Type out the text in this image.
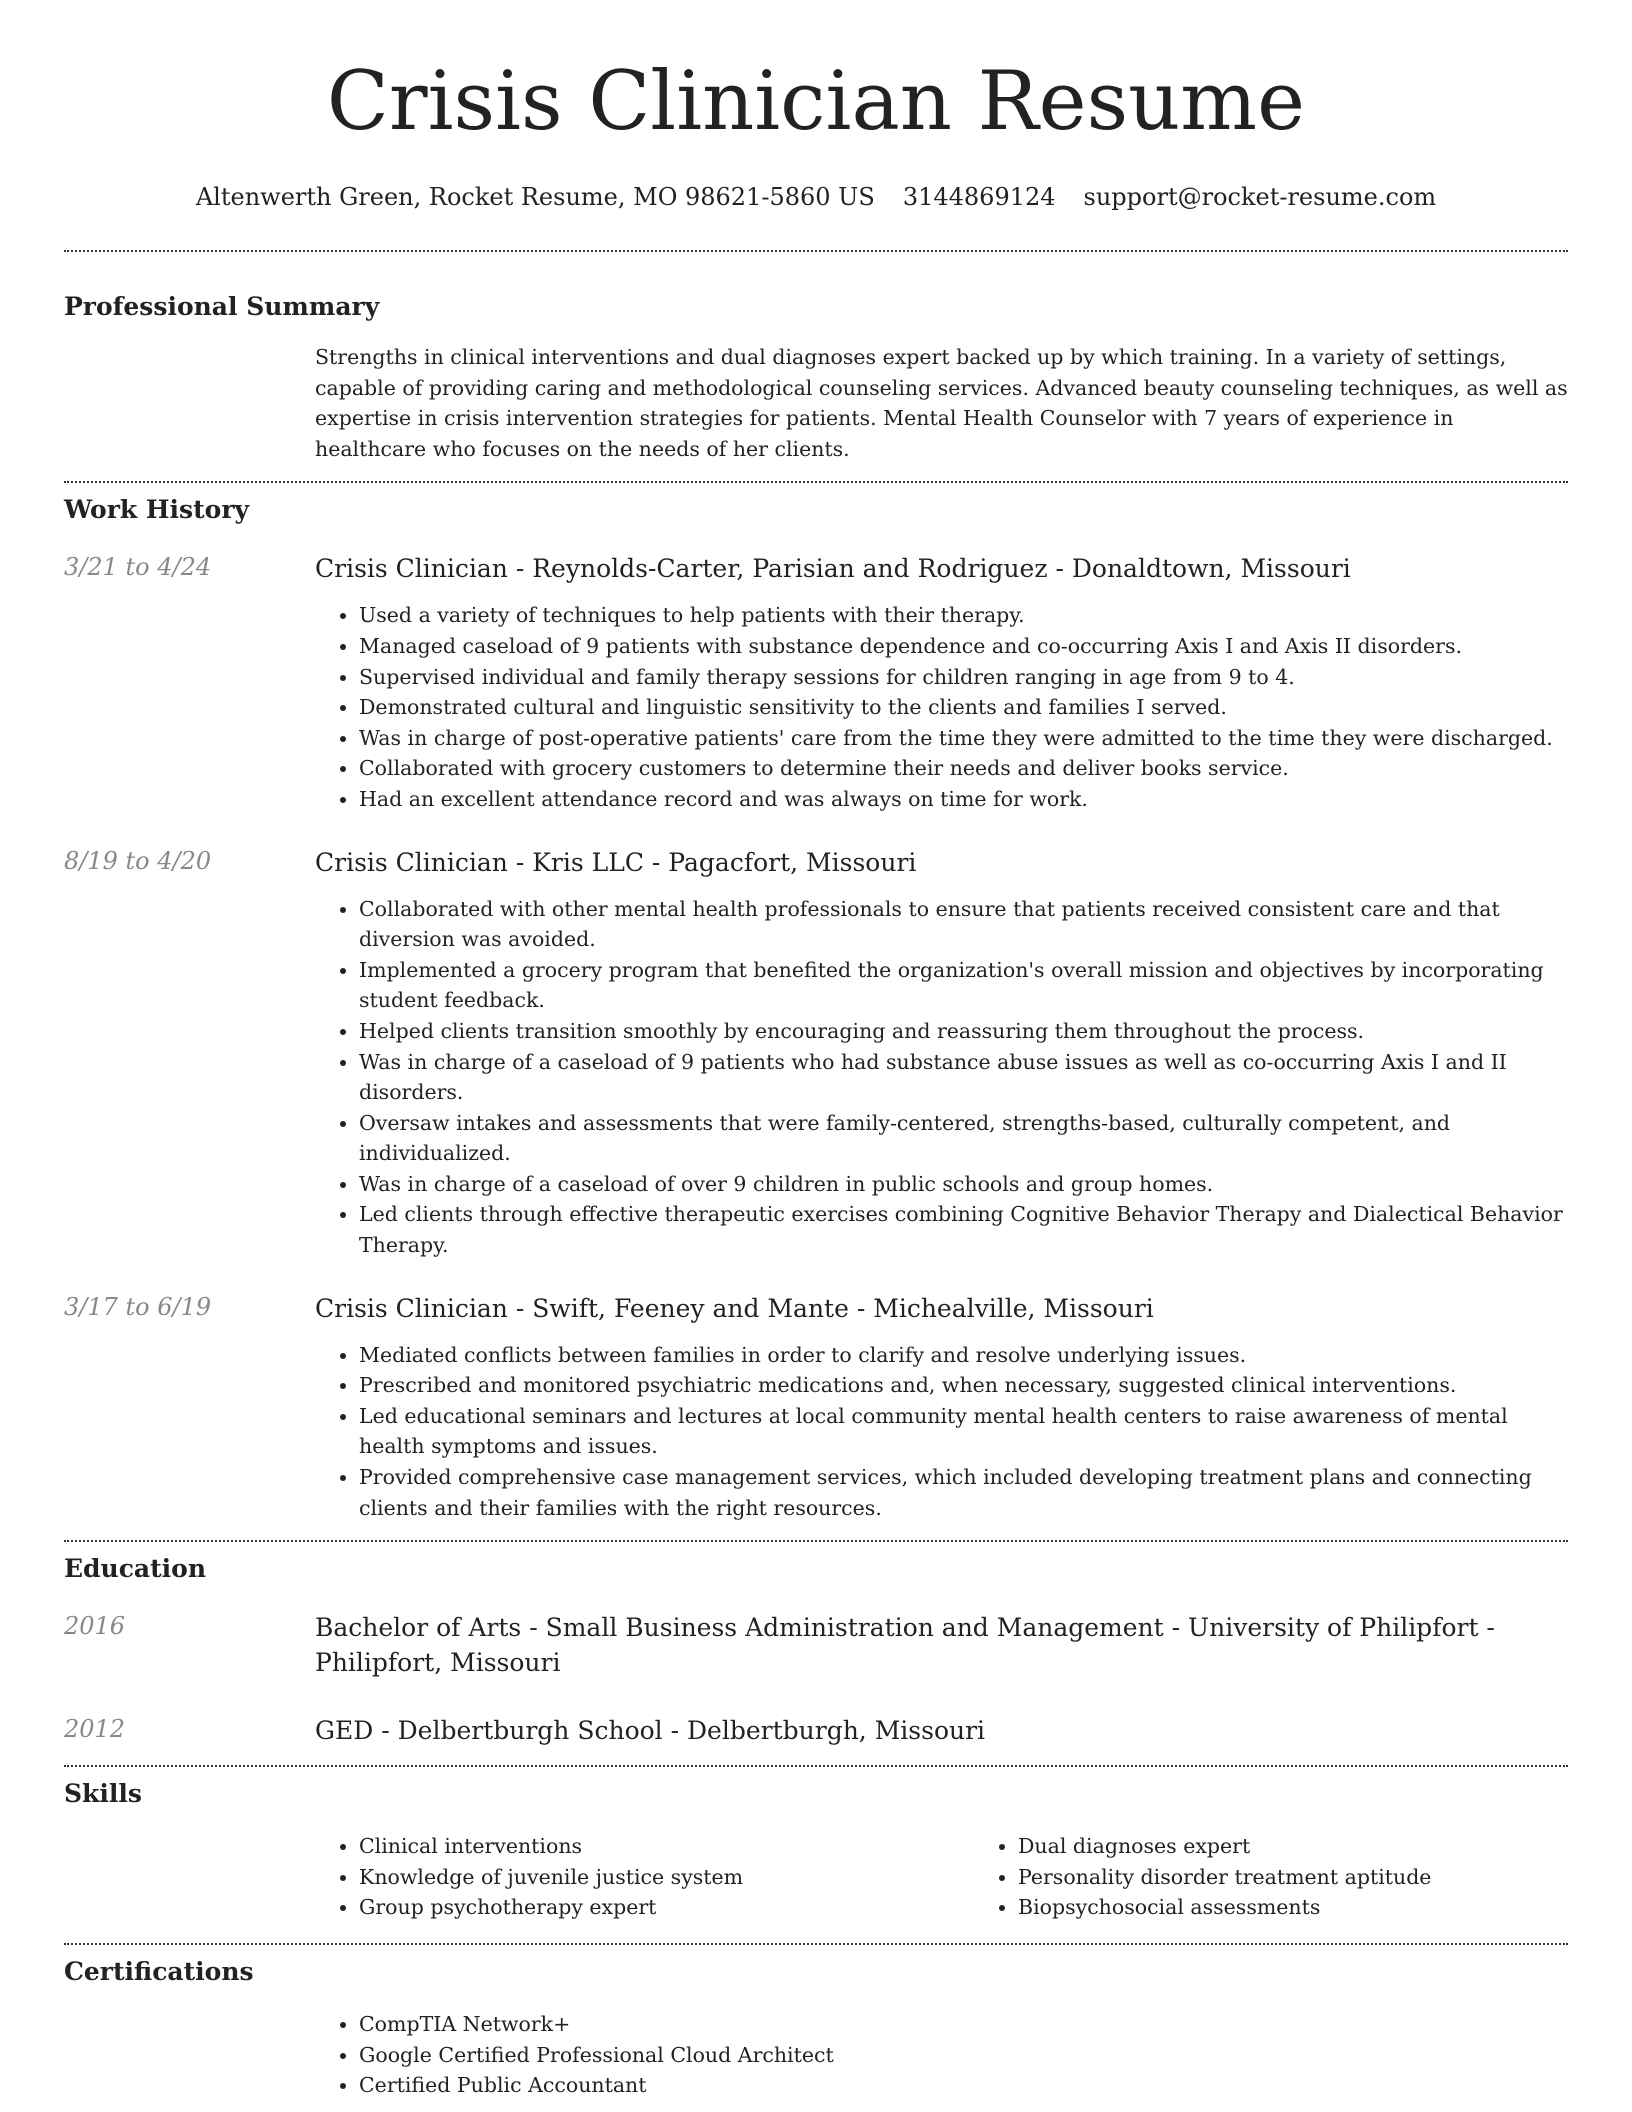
Crisis Clinician Resume
Altenwerth Green, Rocket Resume, MO 98621-5860 US 3144869124 support@rocket-resume.com
Professional Summary

Strengths in clinical interventions and dual diagnoses expert backed up by which training. In a variety of settings, capable of providing caring and methodological counseling services. Advanced beauty counseling techniques, as well as expertise in crisis intervention strategies for patients. Mental Health Counselor with 7 years of experience in healthcare who focuses on the needs of her clients.

Work History
3/21 to 4/24	Crisis Clinician - Reynolds-Carter, Parisian and Rodriguez - Donaldtown, Missouri
• Used a variety of techniques to help patients with their therapy.
• Managed caseload of 9 patients with substance dependence and co-occurring Axis I and Axis II disorders.
• Supervised individual and family therapy sessions for children ranging in age from 9 to 4.
• Demonstrated cultural and linguistic sensitivity to the clients and families I served.
• Was in charge of post-operative patients' care from the time they were admitted to the time they were discharged.
• Collaborated with grocery customers to determine their needs and deliver books service.
• Had an excellent attendance record and was always on time for work.
8/19 to 4/20	Crisis Clinician - Kris LLC - Pagacfort, Missouri
• Collaborated with other mental health professionals to ensure that patients received consistent care and that diversion was avoided.
• Implemented a grocery program that benefited the organization's overall mission and objectives by incorporating student feedback.
• Helped clients transition smoothly by encouraging and reassuring them throughout the process.
• Was in charge of a caseload of 9 patients who had substance abuse issues as well as co-occurring Axis I and II disorders.
• Oversaw intakes and assessments that were family-centered, strengths-based, culturally competent, and individualized.
• Was in charge of a caseload of over 9 children in public schools and group homes.
• Led clients through effective therapeutic exercises combining Cognitive Behavior Therapy and Dialectical Behavior Therapy.
3/17 to 6/19	Crisis Clinician - Swift, Feeney and Mante - Michealville, Missouri
• Mediated conflicts between families in order to clarify and resolve underlying issues.
• Prescribed and monitored psychiatric medications and, when necessary, suggested clinical interventions.
• Led educational seminars and lectures at local community mental health centers to raise awareness of mental health symptoms and issues.
• Provided comprehensive case management services, which included developing treatment plans and connecting clients and their families with the right resources.
Education
2016	Bachelor of Arts - Small Business Administration and Management - University of Philipfort - Philipfort, Missouri
2012	GED - Delbertburgh School - Delbertburgh, Missouri
Skills
• Clinical interventions
• Knowledge of juvenile justice system
• Group psychotherapy expert
• Dual diagnoses expert
• Personality disorder treatment aptitude
• Biopsychosocial assessments
Certifications
• CompTIA Network+
• Google Certified Professional Cloud Architect
• Certified Public Accountant
